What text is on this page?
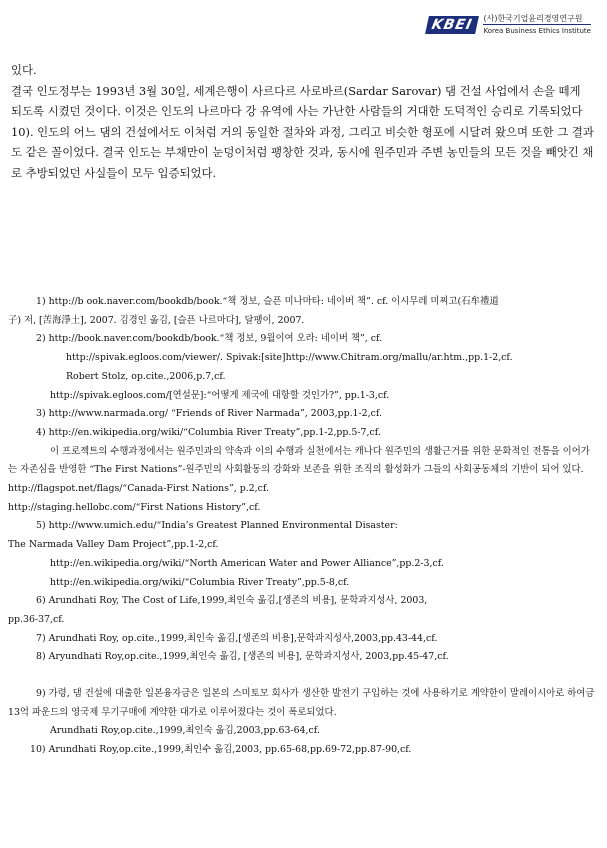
KBEI	(사)한국기업윤리경영연구원
Korea Business Ethics Institute

있다.

결국 인도정부는 1993년 3월 30일, 세계은행이 사르다르 사로바르(Sardar Sarovar) 댐 건설 사업에서 손을 떼게 되도록 시켰던 것이다. 이것은 인도의 나르마다 강 유역에 사는 가난한 사람들의 거대한 도덕적인 승리로 기록되었다10). 인도의 어느 댐의 건설에서도 이처럼 거의 동일한 절차와 과정, 그리고 비슷한 형포에 시달려 왔으며 또한 그 결과도 같은 꼴이었다. 결국 인도는 부채만이 눈덩이처럼 팽창한 것과, 동시에 원주민과 주변 농민들의 모든 것을 빼앗긴 채로 추방되었던 사실들이 모두 입증되었다.

1) http://b ook.naver.com/bookdb/book.“책 정보, 슬픈 미나마타: 네이버 책”. cf. 이시무레 미찌고(石牟禮道
子) 저, [苦海淨土], 2007. 김경인 옮김, [슬픈 나르마다], 달팽이, 2007.
2) http://book.naver.com/bookdb/book.“책 정보, 9월이여 오라: 네이버 책”, cf.
http://spivak.egloos.com/viewer/. Spivak:[site]http://www.Chitram.org/mallu/ar.htm.,pp.1-2,cf.
Robert Stolz, op.cite.,2006,p.7,cf.
http://spivak.egloos.com/[연설문]:“어떻게 제국에 대항할 것인가?”, pp.1-3,cf.
3) http://www.narmada.org/ “Friends of River Narmada”, 2003,pp.1-2,cf.
4) http://en.wikipedia.org/wiki/“Columbia River Treaty”,pp.1-2,pp.5-7,cf.
이 프로젝트의 수행과정에서는 원주민과의 약속과 이의 수행과 실천에서는 캐나다 원주민의 생활근거를 위한 문화적인 전통을 이어가는 자존심을 반영한 “The First Nations”-원주민의 사회활동의 강화와 보존을 위한 조직의 활성화가 그들의 사회공동체의 기반이 되어 있다.
http://flagspot.net/flags/“Canada-First Nations”, p.2,cf.
http://staging.hellobc.com/“First Nations History”,cf.
5) http://www.umich.edu/“India’s Greatest Planned Environmental Disaster:
The Narmada Valley Dam Project”,pp.1-2,cf.
http://en.wikipedia.org/wiki/“North American Water and Power Alliance”,pp.2-3,cf.
http://en.wikipedia.org/wiki/“Columbia River Treaty”,pp.5-8,cf.
6) Arundhati Roy, The Cost of Life,1999,최인숙 옮김,[생존의 비용], 문학과지성사, 2003,
pp.36-37,cf.
7) Arundhati Roy, op.cite.,1999,최인숙 옮김,[생존의 비용],문학과지성사,2003,pp.43-44,cf.
8) Aryundhati Roy,op.cite.,1999,최인숙 옮김, [생존의 비용], 문학과지성사, 2003,pp.45-47,cf.
9) 가령, 댐 건설에 대출한 일본융자금은 일본의 스미토모 회사가 생산한 발전기 구입하는 것에 사용하기로 계약한이 말레이시아로 하여금 13억 파운드의 영국제 무기구매에 계약한 대가로 이루어졌다는 것이 폭로되었다.
Arundhati Roy,op.cite.,1999,최인숙 옮김,2003,pp.63-64,cf.
10) Arundhati Roy,op.cite.,1999,최인수 옮김,2003, pp.65-68,pp.69-72,pp.87-90,cf.
